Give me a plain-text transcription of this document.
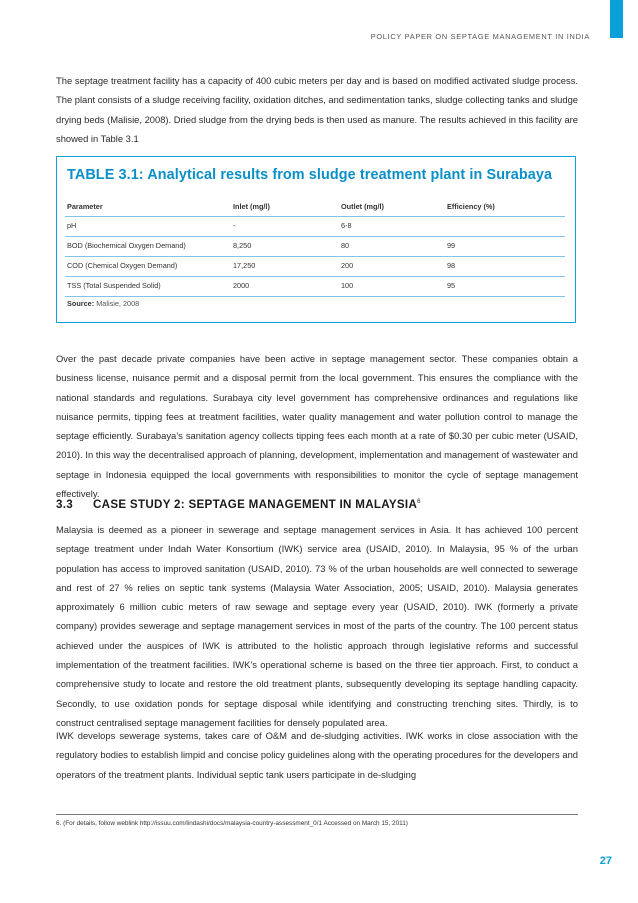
POLICY PAPER ON SEPTAGE MANAGEMENT IN INDIA

The septage treatment facility has a capacity of 400 cubic meters per day and is based on modified activated sludge process. The plant consists of a sludge receiving facility, oxidation ditches, and sedimentation tanks, sludge collecting tanks and sludge drying beds (Malisie, 2008). Dried sludge from the drying beds is then used as manure. The results achieved in this facility are showed in Table 3.1

TABLE 3.1: Analytical results from sludge treatment plant in Surabaya
Parameter	Inlet (mg/l)	Outlet (mg/l)	Efficiency (%)
pH	-	6-8
BOD (Biochemical Oxygen Demand)	8,250	80	99
COD (Chemical Oxygen Demand)	17,250	200	98
TSS (Total Suspended Solid)	2000	100	95
Source: Malisie, 2008

Over the past decade private companies have been active in septage management sector. These companies obtain a business license, nuisance permit and a disposal permit from the local government. This ensures the compliance with the national standards and regulations. Surabaya city level government has comprehensive ordinances and regulations like nuisance permits, tipping fees at treatment facilities, water quality management and water pollution control to manage the septage efficiently. Surabaya’s sanitation agency collects tipping fees each month at a rate of $0.30 per cubic meter (USAID, 2010). In this way the decentralised approach of planning, development, implementation and management of wastewater and septage in Indonesia equipped the local governments with responsibilities to monitor the cycle of septage management effectively.

3.3 CASE STUDY 2: SEPTAGE MANAGEMENT IN MALAYSIA$^6$

Malaysia is deemed as a pioneer in sewerage and septage management services in Asia. It has achieved 100 percent septage treatment under Indah Water Konsortium (IWK) service area (USAID, 2010). In Malaysia, 95 % of the urban population has access to improved sanitation (USAID, 2010). 73 % of the urban households are well connected to sewerage and rest of 27 % relies on septic tank systems (Malaysia Water Association, 2005; USAID, 2010). Malaysia generates approximately 6 million cubic meters of raw sewage and septage every year (USAID, 2010). IWK (formerly a private company) provides sewerage and septage management services in most of the parts of the country. The 100 percent status achieved under the auspices of IWK is attributed to the holistic approach through legislative reforms and successful implementation of the treatment facilities. IWK’s operational scheme is based on the three tier approach. First, to conduct a comprehensive study to locate and restore the old treatment plants, subsequently developing its septage handling capacity. Secondly, to use oxidation ponds for septage disposal while identifying and constructing trenching sites. Thirdly, is to construct centralised septage management facilities for densely populated area.

IWK develops sewerage systems, takes care of O&M and de-sludging activities. IWK works in close association with the regulatory bodies to establish limpid and concise policy guidelines along with the operating procedures for the developers and operators of the treatment plants. Individual septic tank users participate in de-sludging

6. (For details, follow weblink http://issuu.com/lindashi/docs/malaysia-country-assessment_0/1 Accessed on March 15, 2011)
27
